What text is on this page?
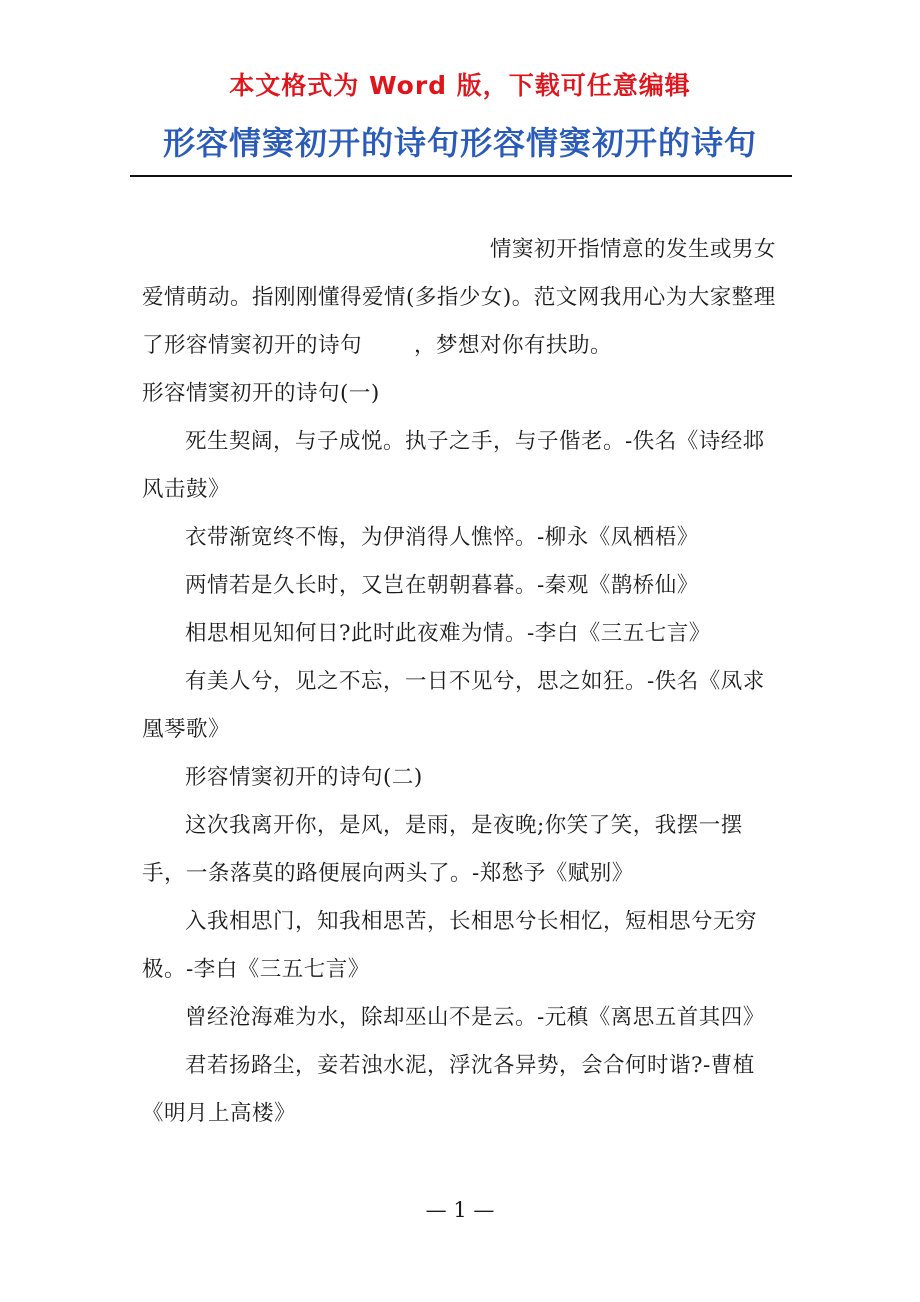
本文格式为 Word 版，下载可任意编辑
形容情窦初开的诗句形容情窦初开的诗句

情窦初开指情意的发生或男女爱情萌动。指刚刚懂得爱情(多指少女)。范文网我用心为大家整理了形容情窦初开的诗句 ，梦想对你有扶助。

形容情窦初开的诗句(一)

死生契阔，与子成悦。执子之手，与子偕老。-佚名《诗经邶风击鼓》

衣带渐宽终不悔，为伊消得人憔悴。-柳永《凤栖梧》

两情若是久长时，又岂在朝朝暮暮。-秦观《鹊桥仙》

相思相见知何日?此时此夜难为情。-李白《三五七言》

有美人兮，见之不忘，一日不见兮，思之如狂。-佚名《凤求凰琴歌》

形容情窦初开的诗句(二)

这次我离开你，是风，是雨，是夜晚;你笑了笑，我摆一摆手，一条落莫的路便展向两头了。-郑愁予《赋别》

入我相思门，知我相思苦，长相思兮长相忆，短相思兮无穷极。-李白《三五七言》

曾经沧海难为水，除却巫山不是云。-元稹《离思五首其四》

君若扬路尘，妾若浊水泥，浮沈各异势，会合何时谐?-曹植《明月上高楼》

— 1 —
